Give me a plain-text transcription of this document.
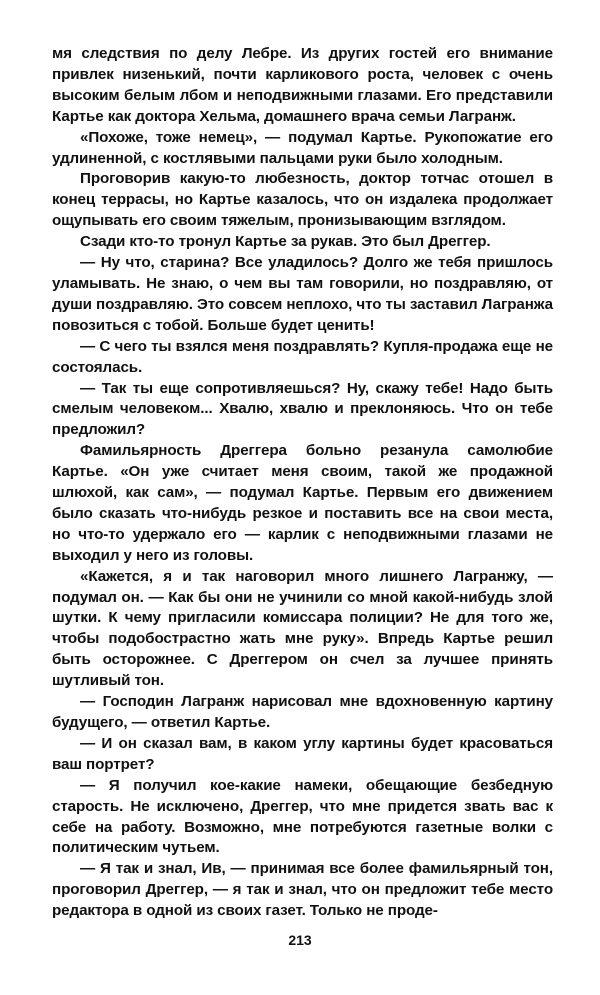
мя следствия по делу Лебре. Из других гостей его внимание привлек низенький, почти карликового роста, человек с очень высоким белым лбом и неподвижными глазами. Его представили Картье как доктора Хельма, домашнего врача семьи Лагранж.

«Похоже, тоже немец», — подумал Картье. Рукопожатие его удлиненной, с костлявыми пальцами руки было холодным.

Проговорив какую-то любезность, доктор тотчас отошел в конец террасы, но Картье казалось, что он издалека продолжает ощупывать его своим тяжелым, пронизывающим взглядом.

Сзади кто-то тронул Картье за рукав. Это был Дреггер.

— Ну что, старина? Все уладилось? Долго же тебя пришлось уламывать. Не знаю, о чем вы там говорили, но поздравляю, от души поздравляю. Это совсем неплохо, что ты заставил Лагранжа повозиться с тобой. Больше будет ценить!

— С чего ты взялся меня поздравлять? Купля-продажа еще не состоялась.

— Так ты еще сопротивляешься? Ну, скажу тебе! Надо быть смелым человеком... Хвалю, хвалю и преклоняюсь. Что он тебе предложил?

Фамильярность Дреггера больно резанула самолюбие Картье. «Он уже считает меня своим, такой же продажной шлюхой, как сам», — подумал Картье. Первым его движением было сказать что-нибудь резкое и поставить все на свои места, но что-то удержало его — карлик с неподвижными глазами не выходил у него из головы.

«Кажется, я и так наговорил много лишнего Лагранжу, — подумал он. — Как бы они не учинили со мной какой-нибудь злой шутки. К чему пригласили комиссара полиции? Не для того же, чтобы подобострастно жать мне руку». Впредь Картье решил быть осторожнее. С Дреггером он счел за лучшее принять шутливый тон.

— Господин Лагранж нарисовал мне вдохновенную картину будущего, — ответил Картье.

— И он сказал вам, в каком углу картины будет красоваться ваш портрет?

— Я получил кое-какие намеки, обещающие безбедную старость. Не исключено, Дреггер, что мне придется звать вас к себе на работу. Возможно, мне потребуются газетные волки с политическим чутьем.

— Я так и знал, Ив, — принимая все более фамильярный тон, проговорил Дреггер, — я так и знал, что он предложит тебе место редактора в одной из своих газет. Только не проде-

213
